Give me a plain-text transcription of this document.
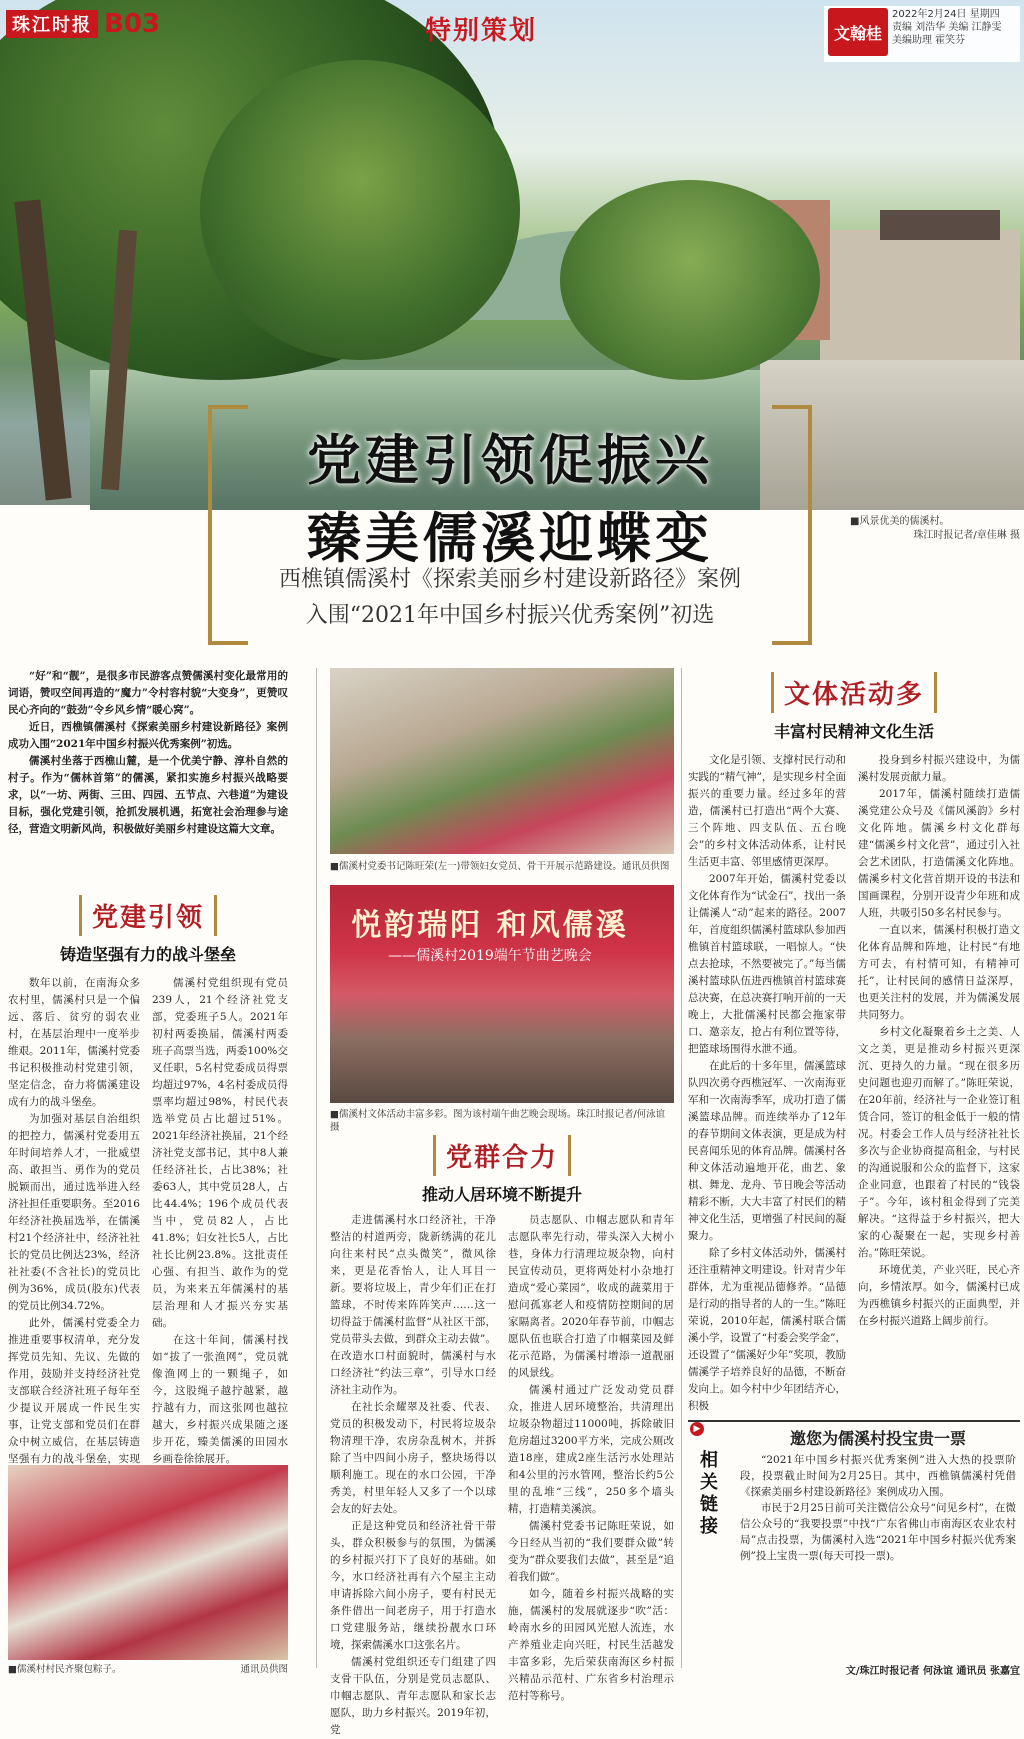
珠江时报 B03	特别策划	文翰桂
2022年2月24日 星期四
责编 刘浩华 美编 江静雯
美编助理 霍笑芬
党建引领促振兴
臻美儒溪迎蝶变
西樵镇儒溪村《探索美丽乡村建设新路径》案例
入围“2021年中国乡村振兴优秀案例”初选
■风景优美的儒溪村。
珠江时报记者/章佳琳 摄

“好”和“靓”，是很多市民游客点赞儒溪村变化最常用的词语，赞叹空间再造的“魔力”令村容村貌“大变身”，更赞叹民心齐向的“鼓劲”令乡风乡情“暖心窝”。

近日，西樵镇儒溪村《探索美丽乡村建设新路径》案例成功入围“2021年中国乡村振兴优秀案例”初选。

儒溪村坐落于西樵山麓，是一个优美宁静、淳朴自然的村子。作为“儒林首第”的儒溪，紧扣实施乡村振兴战略要求，以“一坊、两街、三田、四园、五节点、六巷道”为建设目标，强化党建引领，抢抓发展机遇，拓宽社会治理参与途径，营造文明新风尚，积极做好美丽乡村建设这篇大文章。

党建引领
铸造坚强有力的战斗堡垒

数年以前，在南海众多农村里，儒溪村只是一个偏远、落后、贫穷的弱农业村，在基层治理中一度举步维艰。2011年，儒溪村党委书记积极推动村党建引领，坚定信念，奋力将儒溪建设成有力的战斗堡垒。

为加强对基层自治组织的把控力，儒溪村党委用五年时间培养人才，一批威望高、敢担当、勇作为的党员脱颖而出，通过选举进入经济社担任重要职务。至2016年经济社换届选举，在儒溪村21个经济社中，经济社社长的党员比例达23%，经济社社委(不含社长)的党员比例为36%，成员(股东)代表的党员比例34.72%。

此外，儒溪村党委全力推进重要事权清单，充分发挥党员先知、先议、先做的作用，鼓励并支持经济社党支部联合经济社班子每年至少提议开展成一件民生实事，让党支部和党员们在群众中树立威信，在基层铸造坚强有力的战斗堡垒，实现

儒溪村党组织现有党员239人，21个经济社党支部，党委班子5人。2021年初村两委换届，儒溪村两委班子高票当选，两委100%交叉任职，5名村党委成员得票均超过97%，4名村委成员得票率均超过98%，村民代表选举党员占比超过51%。2021年经济社换届，21个经济社党支部书记，其中8人兼任经济社长，占比38%；社委63人，其中党员28人，占比44.4%；196个成员代表当中，党员82人，占比41.8%；妇女社长5人，占比社长比例23.8%。这批责任心强、有担当、敢作为的党员，为来来五年儒溪村的基层治理和人才振兴夯实基础。

在这十年间，儒溪村找如“拔了一张渔网”，党员就像渔网上的一颗绳子，如今，这股绳子越拧越紧，越拧越有力，而这张网也越拉越大，乡村振兴成果随之逐步开花，臻美儒溪的田园水乡画卷徐徐展开。

■儒溪村村民齐聚包粽子。	通讯员供图
■儒溪村党委书记陈旺荣(左一)带领妇女党员、骨干开展示范路建设。通讯员供图
悦韵瑞阳 和风儒溪
——儒溪村2019端午节曲艺晚会
■儒溪村文体活动丰富多彩。图为该村端午曲艺晚会现场。珠江时报记者/何泳谊 摄
党群合力
推动人居环境不断提升

走进儒溪村水口经济社，干净整洁的村道两旁，陇新绣满的花儿向往来村民“点头微笑”，微风徐来，更是花香怡人，让人耳目一新。要将垃圾上，青少年们正在打篮球，不时传来阵阵笑声……这一切得益于儒溪村监督“从社区干部，党员带头去做，到群众主动去做”。在改造水口村面貌时，儒溪村与水口经济社“约法三章”，引导水口经济社主动作为。

在社长余耀翠及社委、代表、党员的积极发动下，村民将垃圾杂物清理干净，农房杂乱树木，并拆除了当中四间小房子，整块场得以顺利施工。现在的水口公园，干净秀美，村里年轻人又多了一个以球会友的好去处。

正是这种党员和经济社骨干带头，群众积极参与的氛围，为儒溪的乡村振兴打下了良好的基础。如今，水口经济社再有六个屋主主动申请拆除六间小房子，要有村民无条件借出一间老房子，用于打造水口党建服务站，继续扮靓水口环境，探索儒溪水口这张名片。

儒溪村党组织还专门组建了四支骨干队伍，分别是党员志愿队、巾帼志愿队、青年志愿队和家长志愿队，助力乡村振兴。2019年初，党

员志愿队、巾帼志愿队和青年志愿队率先行动，带头深入大树小巷，身体力行清理垃圾杂物，向村民宣传动员，更将两处村小杂地打造成“爱心菜园”，收成的蔬菜用于慰问孤寡老人和疫情防控期间的居家隔离者。2020年春节前，巾帼志愿队伍也联合打造了巾帼菜园及鲜花示范路，为儒溪村增添一道靓丽的风景线。

儒溪村通过广泛发动党员群众，推进人居环境整治，共清理出垃圾杂物超过11000吨，拆除破旧危房超过3200平方米，完成公厕改造18座，建成2座生活污水处理站和4公里的污水管网，整治长约5公里的乱堆“三线”，250多个墙头精，打造精美溪滨。

儒溪村党委书记陈旺荣说，如今日经从当初的“我们要群众做”转变为“群众要我们去做”，甚至是“追着我们做”。

如今，随着乡村振兴战略的实施，儒溪村的发展就逐步“吹”活：岭南水乡的田园风光慰人流连，水产养殖业走向兴旺，村民生活越发丰富多彩，先后荣获南海区乡村振兴精品示范村、广东省乡村治理示范村等称号。

文体活动多
丰富村民精神文化生活

文化是引领、支撑村民行动和实践的“精气神”，是实现乡村全面振兴的重要力量。经过多年的营造，儒溪村已打造出“两个大赛、三个阵地、四支队伍、五台晚会”的乡村文体活动体系，让村民生活更丰富、邻里感情更深厚。

2007年开始，儒溪村党委以文化体育作为“试金石”，找出一条让儒溪人“动”起来的路径。2007年，首度组织儒溪村篮球队参加西樵镇首村篮球联，一唱惊人。“快点去抢球，不然要被完了。”每当儒溪村篮球队伍进西樵镇首村篮球赛总决赛，在总决赛打响开前的一天晚上，大批儒溪村民都会拖家带口、邀亲友，抢占有利位置等待，把篮球场围得水泄不通。

在此后的十多年里，儒溪篮球队四次勇夺西樵冠军、一次南海亚军和一次南海季军，成功打造了儒溪篮球品牌。而连续举办了12年的春节期间文体表演，更是成为村民喜闻乐见的体育品牌。儒溪村各种文体活动遍地开花，曲艺、象棋、舞龙、龙舟、节日晚会等活动精彩不断，大大丰富了村民们的精神文化生活，更增强了村民间的凝聚力。

除了乡村文体活动外，儒溪村还注重精神文明建设。针对青少年群体，尤为重视品德修养。“品德是行动的指导者的人的一生。”陈旺荣说，2010年起，儒溪村联合儒溪小学，设置了“村委会奖学金”，还设置了“儒溪好少年”奖项，教励儒溪学子培养良好的品德，不断奋发向上。如今村中少年团结齐心，积极

投身到乡村振兴建设中，为儒溪村发展贡献力量。

2017年，儒溪村随续打造儒溪党建公众号及《儒风溪韵》乡村文化阵地。儒溪乡村文化群每建“儒溪乡村文化营”，通过引入社会艺术团队，打造儒溪文化阵地。儒溪乡村文化营首期开设的书法和国画课程，分别开设青少年班和成人班，共吸引50多名村民参与。

一直以来，儒溪村积极打造文化体育品牌和阵地，让村民“有地方可去，有村情可知，有精神可托”，让村民间的感情日益深厚，也更关注村的发展，并为儒溪发展共同努力。

乡村文化凝聚着乡土之美、人文之美，更是推动乡村振兴更深沉、更持久的力量。“现在很多历史问题也迎刃而解了。”陈旺荣说，在20年前，经济社与一企业签订租赁合同，签订的租金低于一般的情况。村委会工作人员与经济社社长多次与企业协商提高租金，与村民的沟通说服和公众的监督下，这家企业同意，也跟着了村民的“钱袋子”。今年，该村租金得到了完美解决。“这得益于乡村振兴，把大家的心凝聚在一起，实现乡村善治。”陈旺荣说。

环境优美，产业兴旺，民心齐向，乡情浓厚。如今，儒溪村已成为西樵镇乡村振兴的正面典型，并在乡村振兴道路上阔步前行。

▶
相关链接
邀您为儒溪村投宝贵一票

“2021年中国乡村振兴优秀案例”进入大热的投票阶段，投票截止时间为2月25日。其中，西樵镇儒溪村凭借《探索美丽乡村建设新路径》案例成功入围。

市民于2月25日前可关注微信公众号“问见乡村”，在微信公众号的“我要投票”中找“广东省佛山市南海区农业农村局”点击投票，为儒溪村入选“2021年中国乡村振兴优秀案例”投上宝贵一票(每天可投一票)。

文/珠江时报记者 何泳谊 通讯员 张嘉宜
